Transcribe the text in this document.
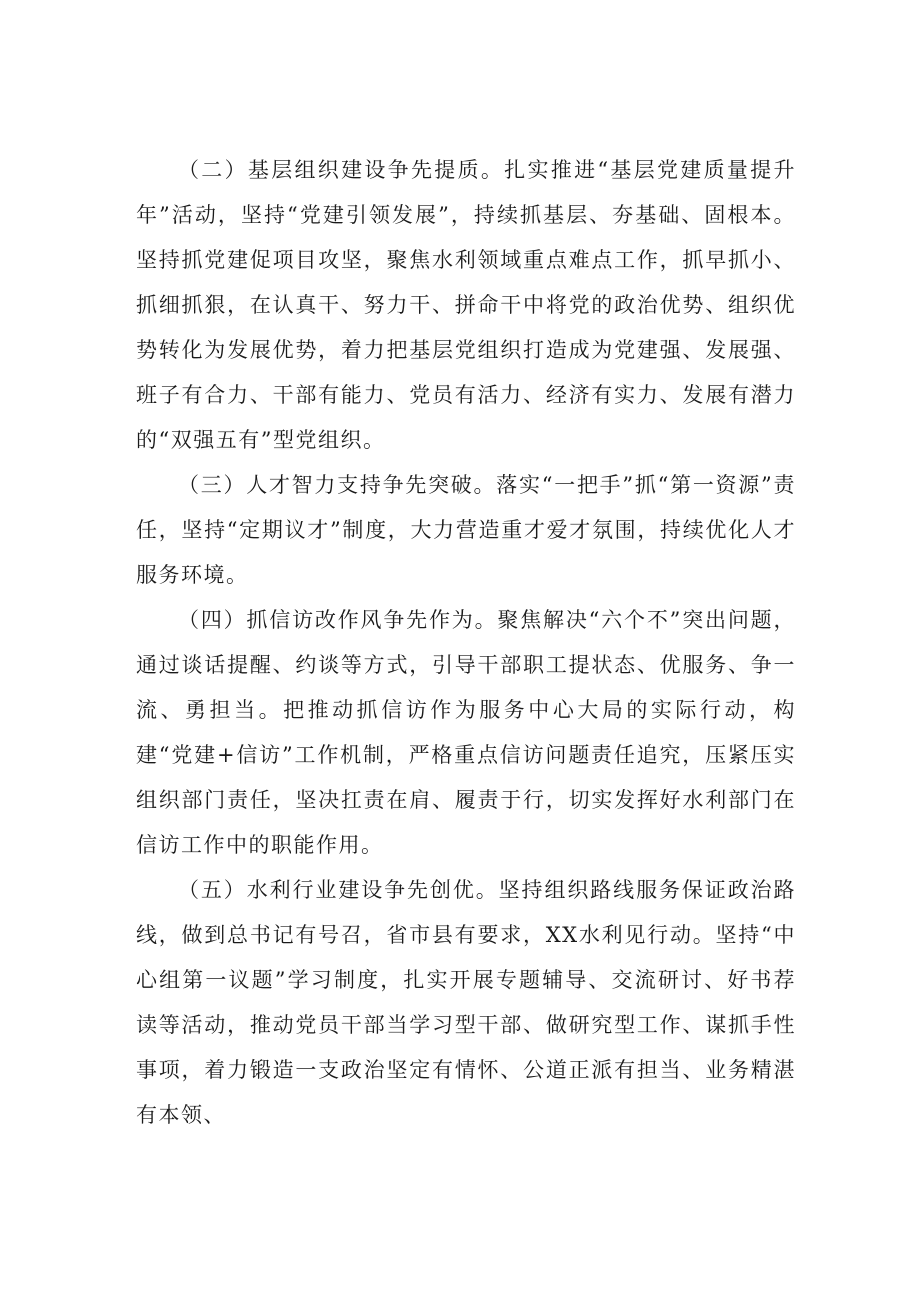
（二）基层组织建设争先提质。扎实推进“基层党建质量提升年”活动，坚持“党建引领发展”，持续抓基层、夯基础、固根本。坚持抓党建促项目攻坚，聚焦水利领域重点难点工作，抓早抓小、抓细抓狠，在认真干、努力干、拼命干中将党的政治优势、组织优势转化为发展优势，着力把基层党组织打造成为党建强、发展强、班子有合力、干部有能力、党员有活力、经济有实力、发展有潜力的“双强五有”型党组织。

（三）人才智力支持争先突破。落实“一把手”抓“第一资源”责任，坚持“定期议才”制度，大力营造重才爱才氛围，持续优化人才服务环境。

（四）抓信访改作风争先作为。聚焦解决“六个不”突出问题，通过谈话提醒、约谈等方式，引导干部职工提状态、优服务、争一流、勇担当。把推动抓信访作为服务中心大局的实际行动，构建“党建+信访”工作机制，严格重点信访问题责任追究，压紧压实组织部门责任，坚决扛责在肩、履责于行，切实发挥好水利部门在信访工作中的职能作用。

（五）水利行业建设争先创优。坚持组织路线服务保证政治路线，做到总书记有号召，省市县有要求，XX水利见行动。坚持“中心组第一议题”学习制度，扎实开展专题辅导、交流研讨、好书荐读等活动，推动党员干部当学习型干部、做研究型工作、谋抓手性事项，着力锻造一支政治坚定有情怀、公道正派有担当、业务精湛有本领、
